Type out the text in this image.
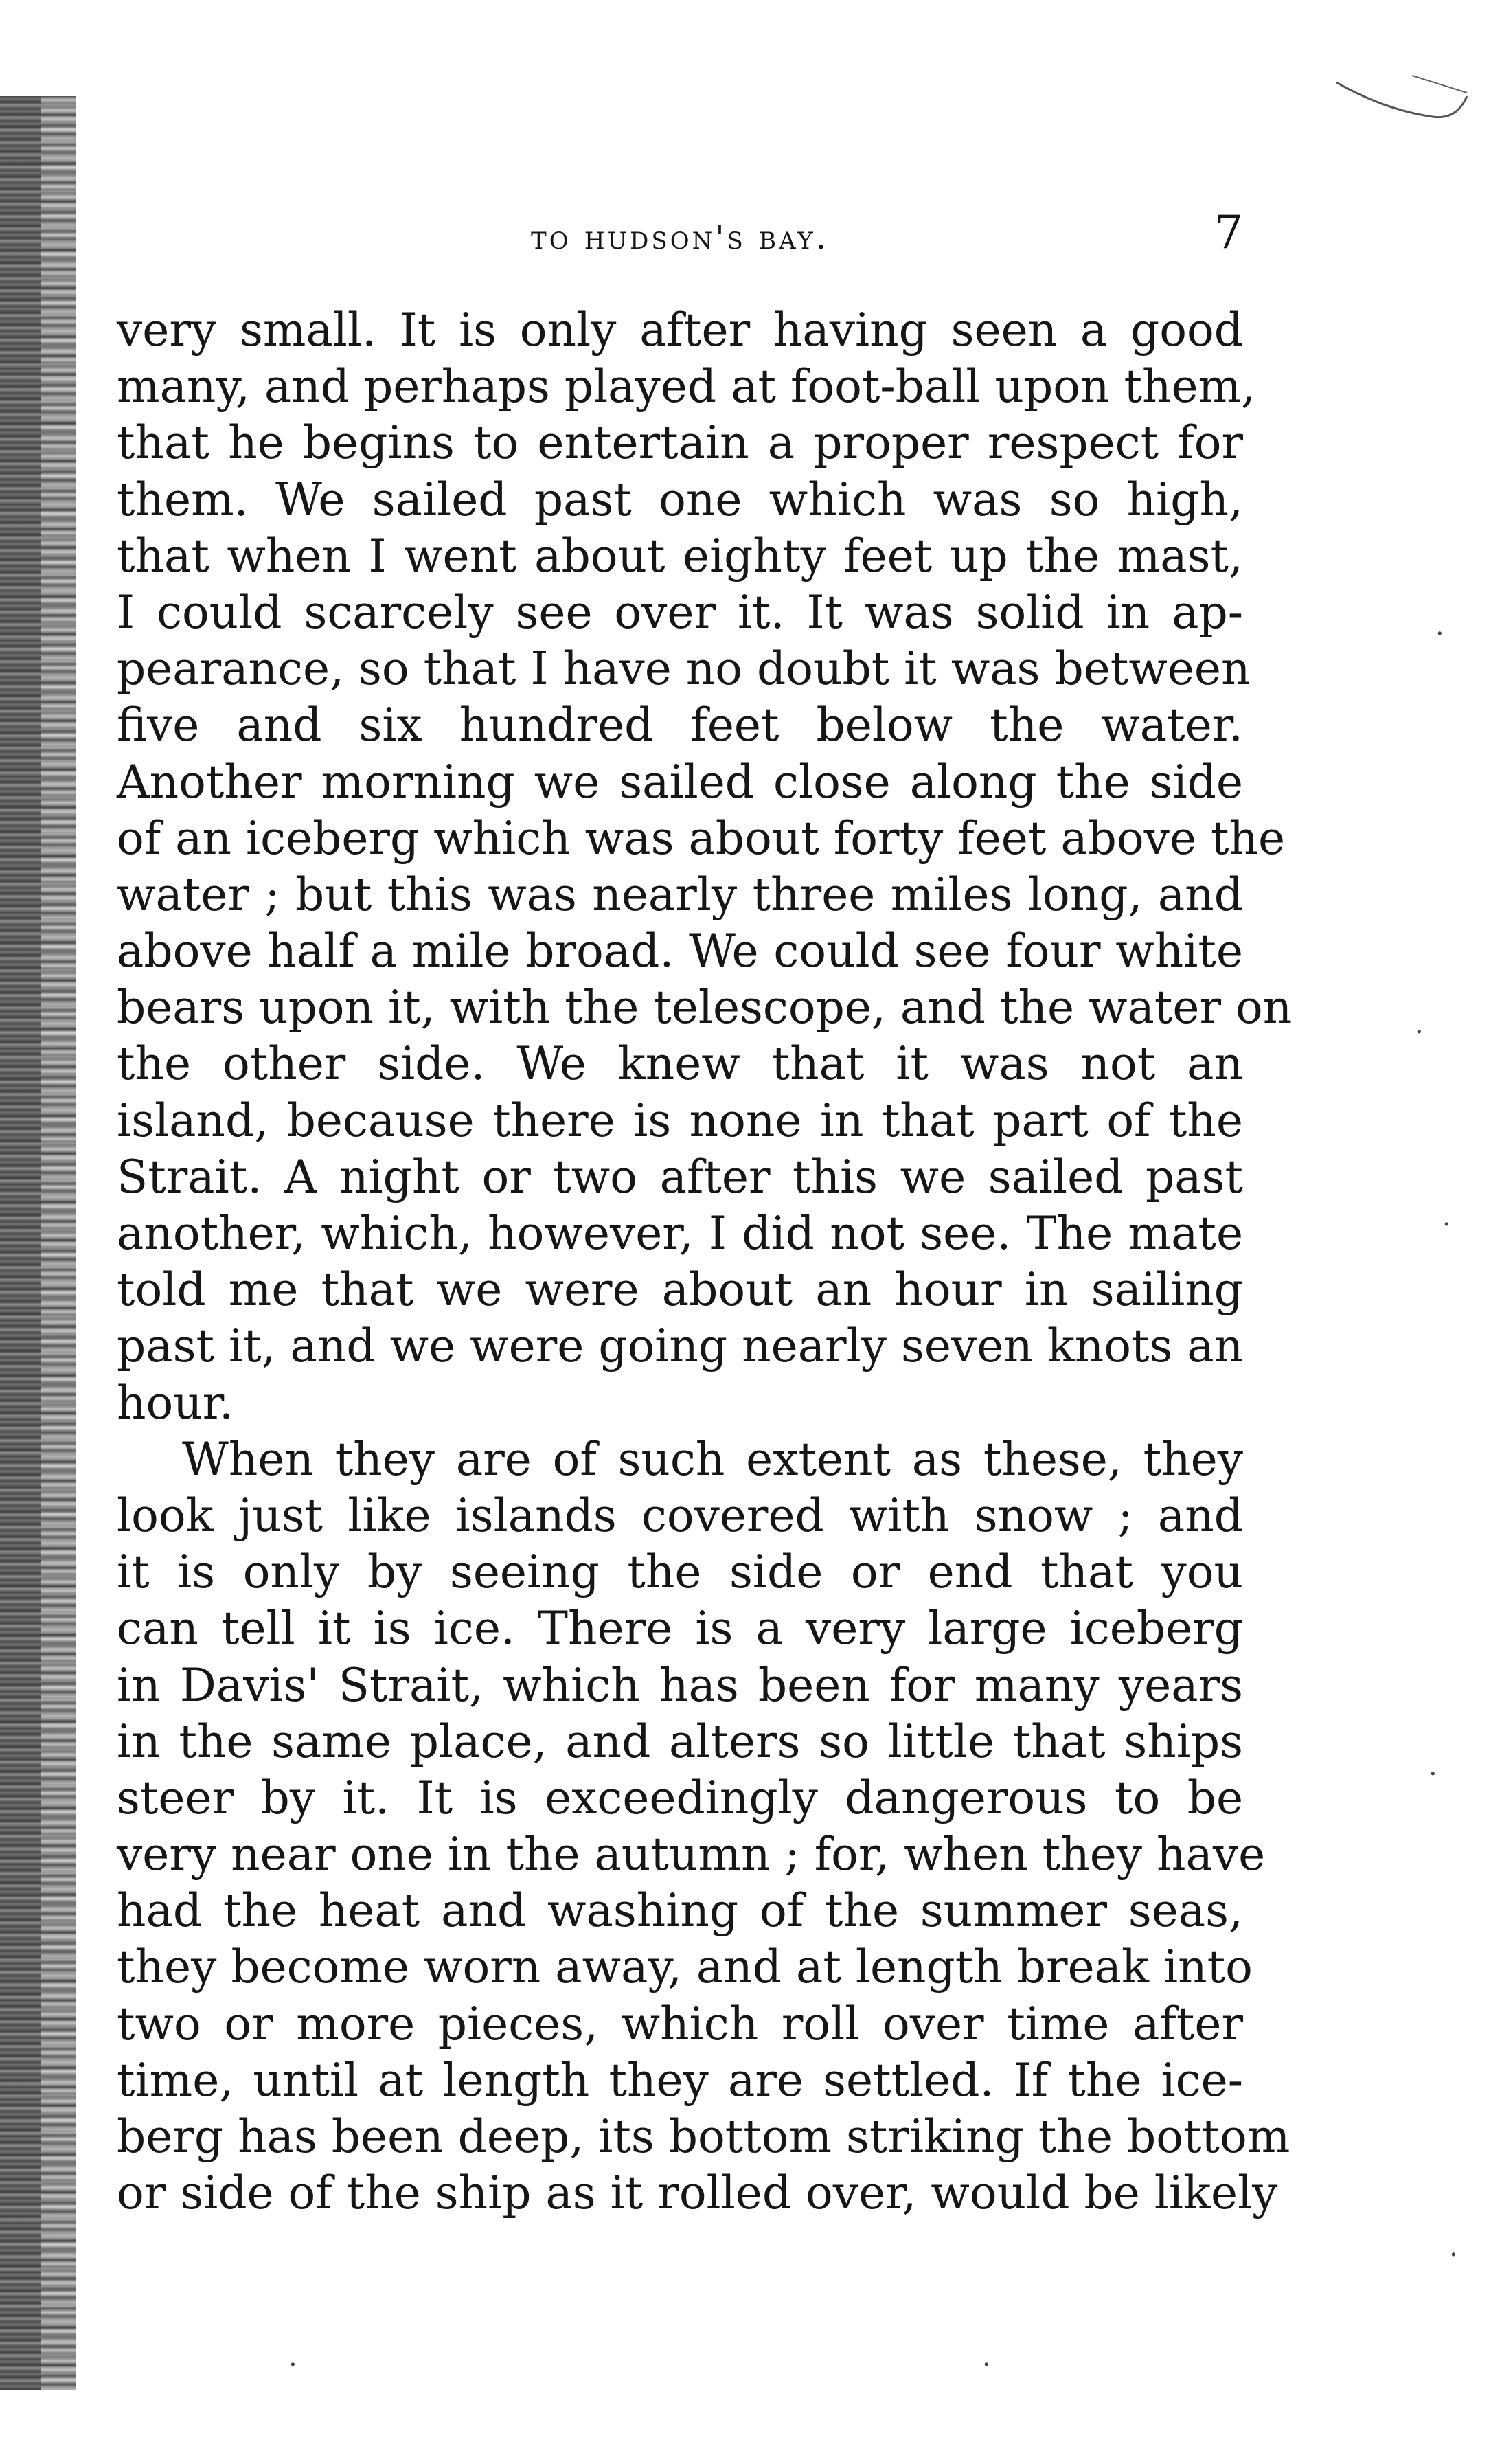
to hudson's bay.	7
very small. It is only after having seen a good
many, and perhaps played at foot-ball upon them,
that he begins to entertain a proper respect for
them. We sailed past one which was so high,
that when I went about eighty feet up the mast,
I could scarcely see over it. It was solid in ap-
pearance, so that I have no doubt it was between
five and six hundred feet below the water.
Another morning we sailed close along the side
of an iceberg which was about forty feet above the
water ; but this was nearly three miles long, and
above half a mile broad. We could see four white
bears upon it, with the telescope, and the water on
the other side. We knew that it was not an
island, because there is none in that part of the
Strait. A night or two after this we sailed past
another, which, however, I did not see. The mate
told me that we were about an hour in sailing
past it, and we were going nearly seven knots an
hour.
When they are of such extent as these, they
look just like islands covered with snow ; and
it is only by seeing the side or end that you
can tell it is ice. There is a very large iceberg
in Davis' Strait, which has been for many years
in the same place, and alters so little that ships
steer by it. It is exceedingly dangerous to be
very near one in the autumn ; for, when they have
had the heat and washing of the summer seas,
they become worn away, and at length break into
two or more pieces, which roll over time after
time, until at length they are settled. If the ice-
berg has been deep, its bottom striking the bottom
or side of the ship as it rolled over, would be likely
·
·
·
·
·
·	·
